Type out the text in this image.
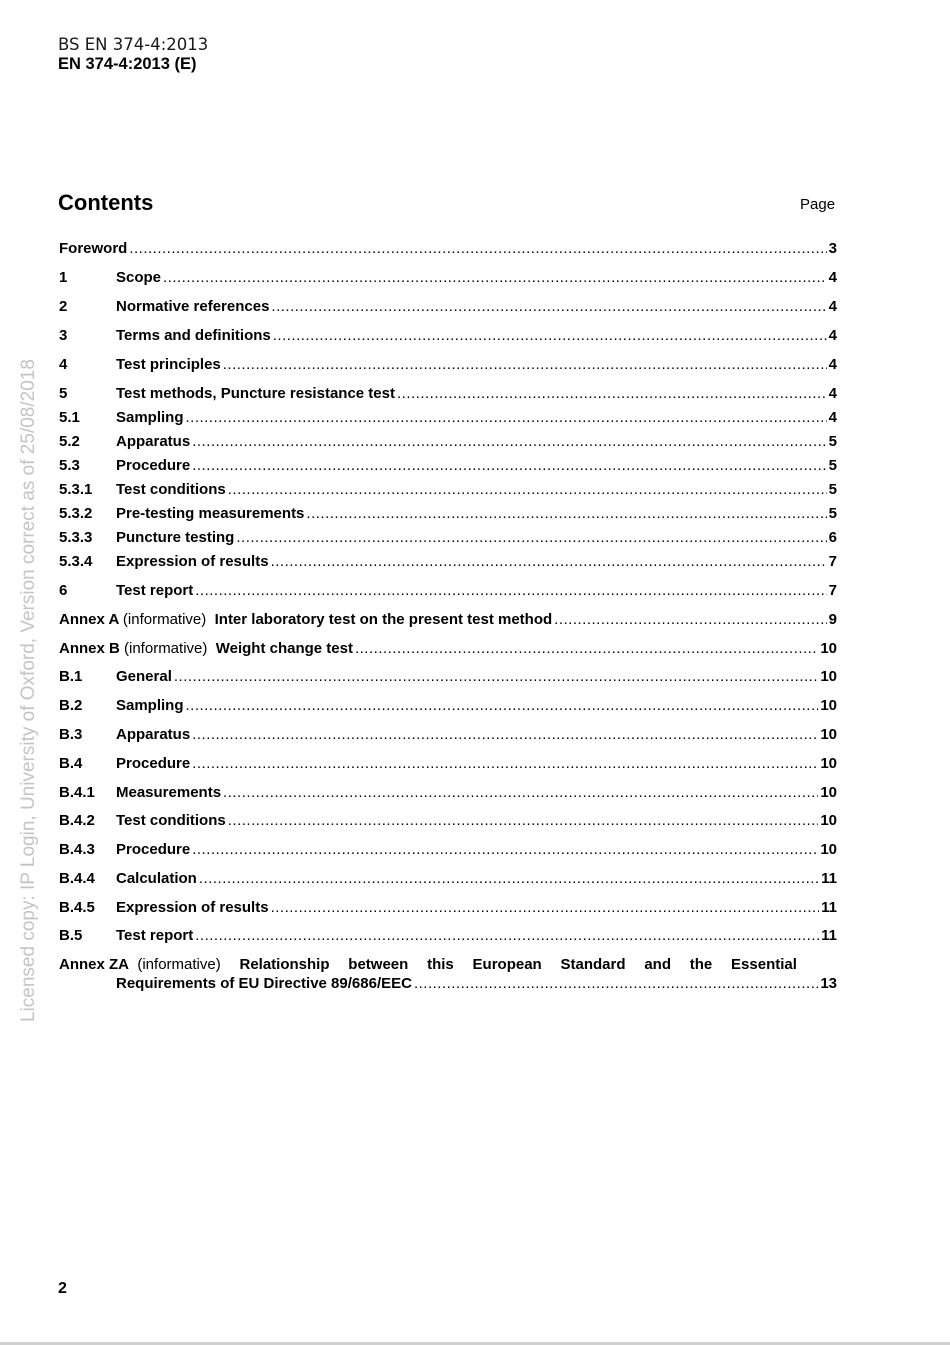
Licensed copy: IP Login, University of Oxford, Version correct as of 25/08/2018
BS EN 374-4:2013
EN 374-4:2013 (E)
Contents	Page
Annex ZA (informative) Relationship between this European Standard and the Essential
Requirements of EU Directive 89/686/EEC .....	13
Foreword .....	3
1	Scope .....	4
2	Normative references .....	4
3	Terms and definitions .....	4
4	Test principles .....	4
5	Test methods, Puncture resistance test .....	4
5.1	Sampling .....	4
5.2	Apparatus .....	5
5.3	Procedure .....	5
5.3.1	Test conditions .....	5
5.3.2	Pre-testing measurements .....	5
5.3.3	Puncture testing .....	6
5.3.4	Expression of results .....	7
6	Test report .....	7
Annex A (informative) Inter laboratory test on the present test method .....	9
Annex B (informative) Weight change test .....	10
B.1	General .....	10
B.2	Sampling .....	10
B.3	Apparatus .....	10
B.4	Procedure .....	10
B.4.1	Measurements .....	10
B.4.2	Test conditions .....	10
B.4.3	Procedure .....	10
B.4.4	Calculation .....	11
B.4.5	Expression of results .....	11
B.5	Test report .....	11
2
